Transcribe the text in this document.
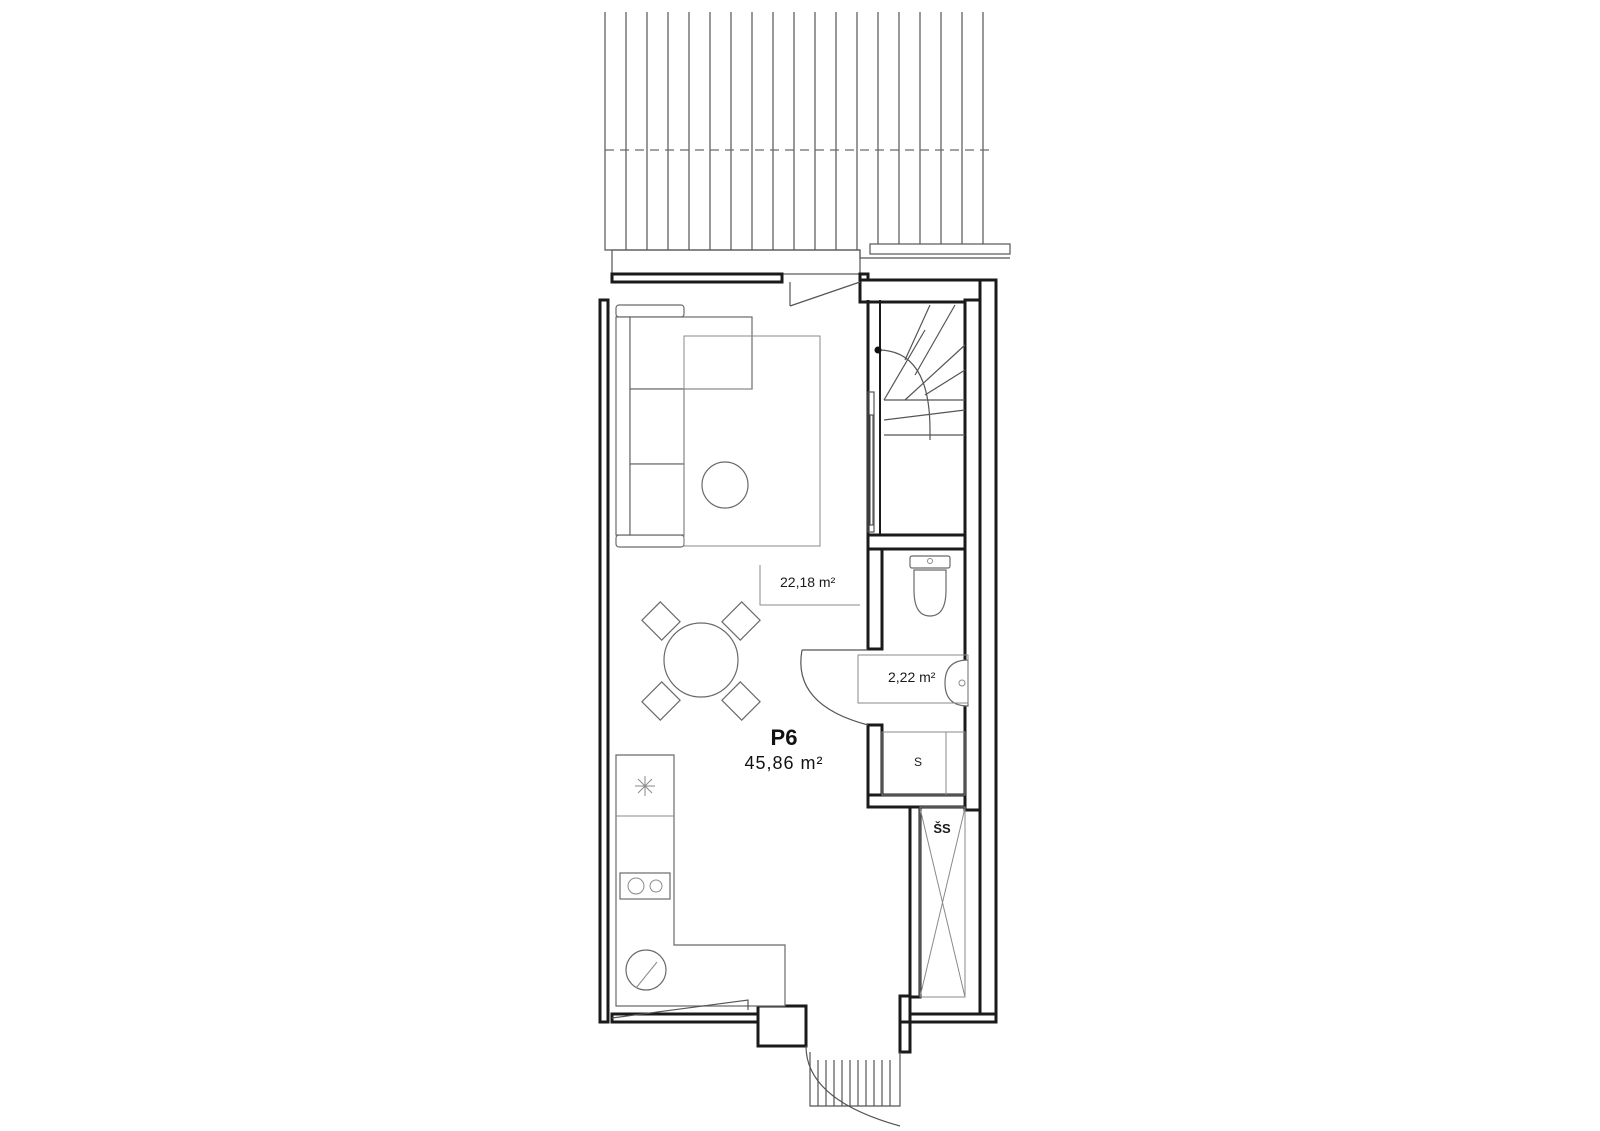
22,18 m²
2,22 m²
P6
45,86 m²	S
ŠS
